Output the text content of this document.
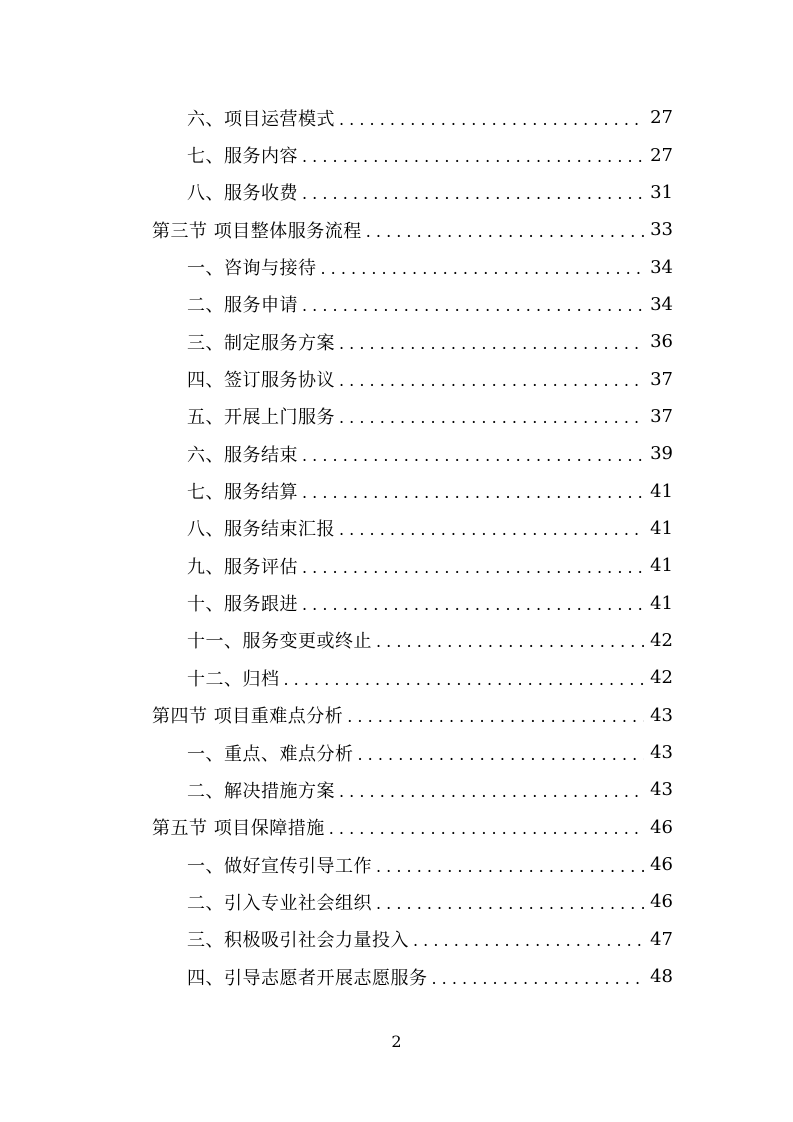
六、项目运营模式 . . .	27
七、服务内容 . . .	27
八、服务收费 . . .	31
第三节 项目整体服务流程 . . .	33
一、咨询与接待 . . .	34
二、服务申请 . . .	34
三、制定服务方案 . . .	36
四、签订服务协议 . . .	37
五、开展上门服务 . . .	37
六、服务结束 . . .	39
七、服务结算 . . .	41
八、服务结束汇报 . . .	41
九、服务评估 . . .	41
十、服务跟进 . . .	41
十一、服务变更或终止 . . .	42
十二、归档 . . .	42
第四节 项目重难点分析 . . .	43
一、重点、难点分析 . . .	43
二、解决措施方案 . . .	43
第五节 项目保障措施 . . .	46
一、做好宣传引导工作 . . .	46
二、引入专业社会组织 . . .	46
三、积极吸引社会力量投入 . . .	47
四、引导志愿者开展志愿服务 . . .	48
2
